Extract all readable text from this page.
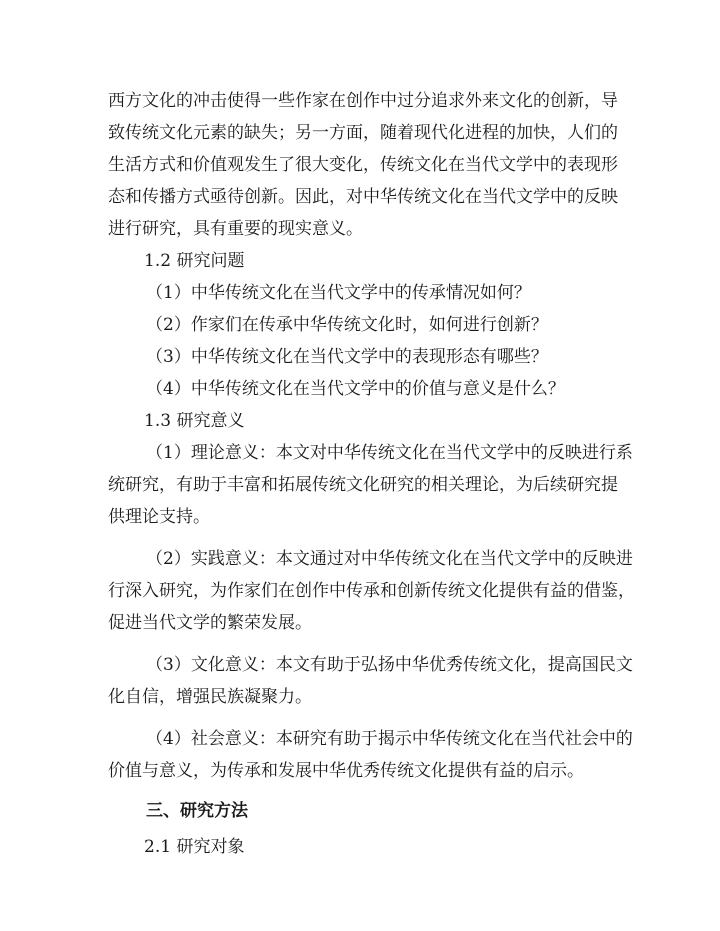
西方文化的冲击使得一些作家在创作中过分追求外来文化的创新，导
致传统文化元素的缺失；另一方面，随着现代化进程的加快，人们的
生活方式和价值观发生了很大变化，传统文化在当代文学中的表现形
态和传播方式亟待创新。因此，对中华传统文化在当代文学中的反映
进行研究，具有重要的现实意义。
1.2 研究问题
（1）中华传统文化在当代文学中的传承情况如何？
（2）作家们在传承中华传统文化时，如何进行创新？
（3）中华传统文化在当代文学中的表现形态有哪些？
（4）中华传统文化在当代文学中的价值与意义是什么？
1.3 研究意义
（1）理论意义：本文对中华传统文化在当代文学中的反映进行系
统研究，有助于丰富和拓展传统文化研究的相关理论，为后续研究提
供理论支持。
（2）实践意义：本文通过对中华传统文化在当代文学中的反映进
行深入研究，为作家们在创作中传承和创新传统文化提供有益的借鉴，
促进当代文学的繁荣发展。
（3）文化意义：本文有助于弘扬中华优秀传统文化，提高国民文
化自信，增强民族凝聚力。
（4）社会意义：本研究有助于揭示中华传统文化在当代社会中的
价值与意义，为传承和发展中华优秀传统文化提供有益的启示。
三、研究方法
2.1 研究对象
